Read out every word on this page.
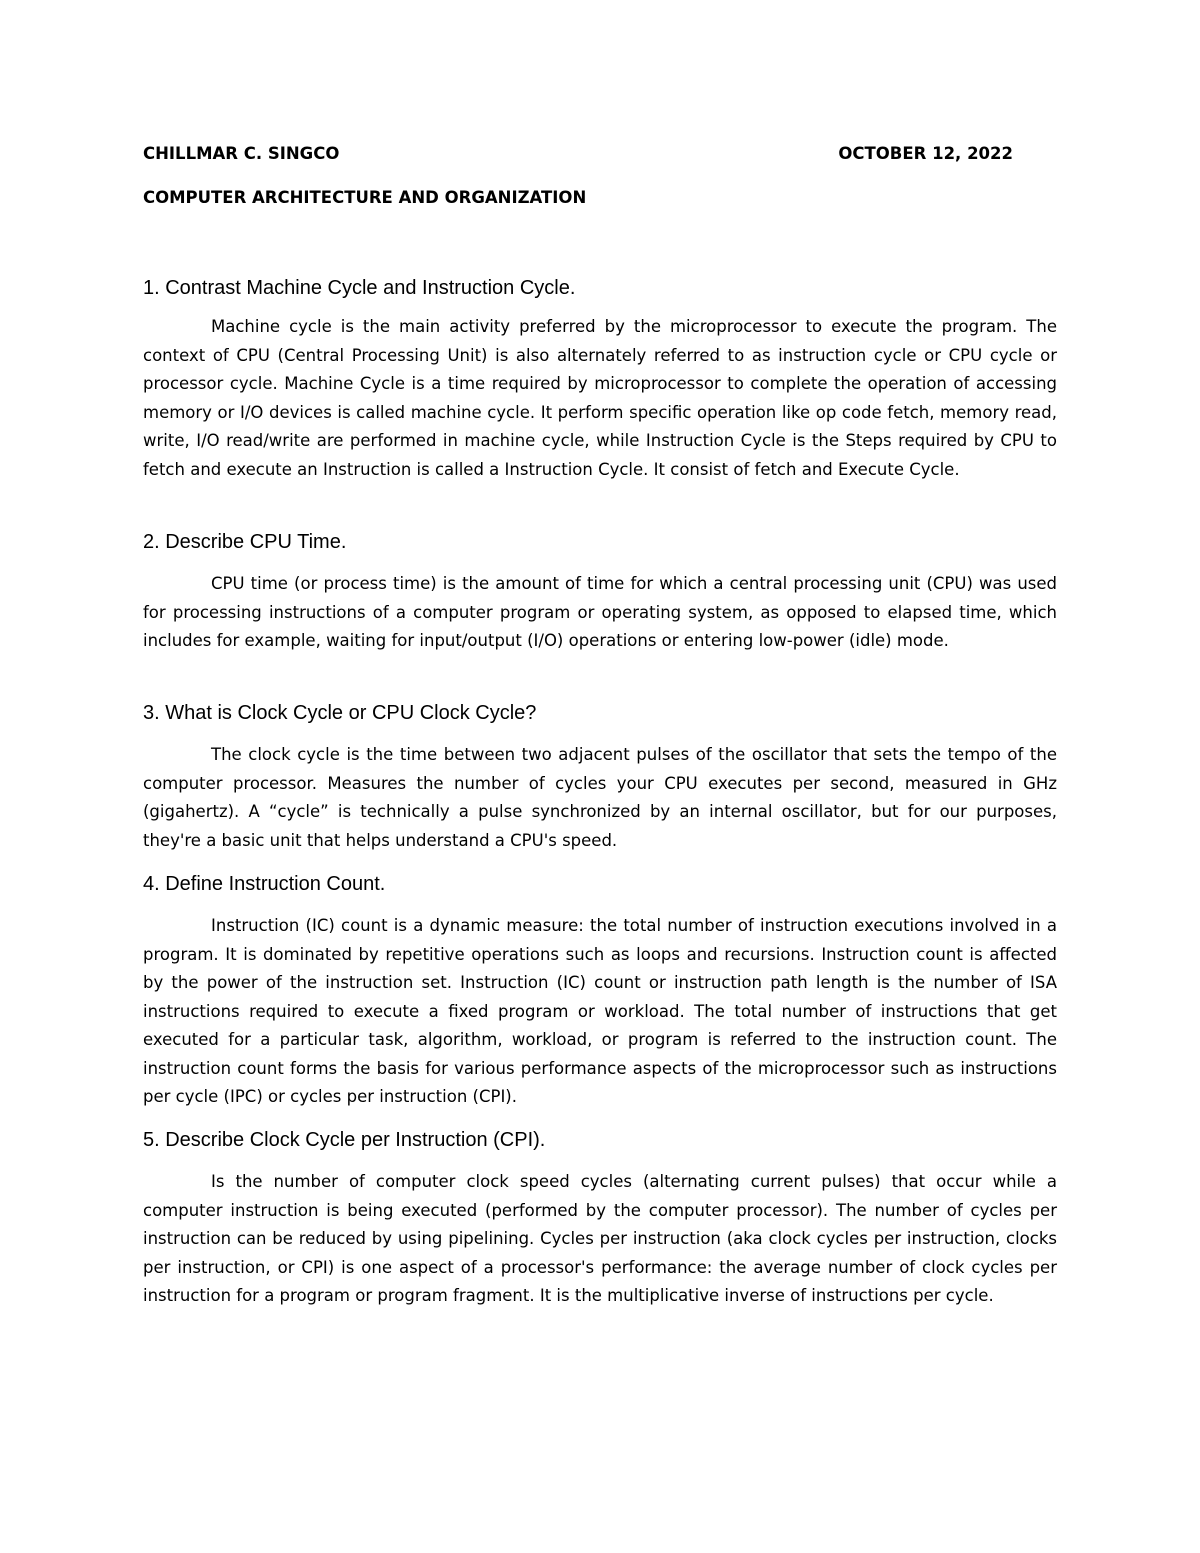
CHILLMAR C. SINGCO	OCTOBER 12, 2022
COMPUTER ARCHITECTURE AND ORGANIZATION
1. Contrast Machine Cycle and Instruction Cycle.

Machine cycle is the main activity preferred by the microprocessor to execute the program. The context of CPU (Central Processing Unit) is also alternately referred to as instruction cycle or CPU cycle or processor cycle. Machine Cycle is a time required by microprocessor to complete the operation of accessing memory or I/O devices is called machine cycle. It perform specific operation like op code fetch, memory read, write, I/O read/write are performed in machine cycle, while Instruction Cycle is the Steps required by CPU to fetch and execute an Instruction is called a Instruction Cycle. It consist of fetch and Execute Cycle.

2. Describe CPU Time.

CPU time (or process time) is the amount of time for which a central processing unit (CPU) was used for processing instructions of a computer program or operating system, as opposed to elapsed time, which includes for example, waiting for input/output (I/O) operations or entering low-power (idle) mode.

3. What is Clock Cycle or CPU Clock Cycle?

The clock cycle is the time between two adjacent pulses of the oscillator that sets the tempo of the computer processor. Measures the number of cycles your CPU executes per second, measured in GHz (gigahertz). A “cycle” is technically a pulse synchronized by an internal oscillator, but for our purposes, they're a basic unit that helps understand a CPU's speed.

4. Define Instruction Count.

Instruction (IC) count is a dynamic measure: the total number of instruction executions involved in a program. It is dominated by repetitive operations such as loops and recursions. Instruction count is affected by the power of the instruction set. Instruction (IC) count or instruction path length is the number of ISA instructions required to execute a fixed program or workload. The total number of instructions that get executed for a particular task, algorithm, workload, or program is referred to the instruction count. The instruction count forms the basis for various performance aspects of the microprocessor such as instructions per cycle (IPC) or cycles per instruction (CPI).

5. Describe Clock Cycle per Instruction (CPI).

Is the number of computer clock speed cycles (alternating current pulses) that occur while a computer instruction is being executed (performed by the computer processor). The number of cycles per instruction can be reduced by using pipelining. Cycles per instruction (aka clock cycles per instruction, clocks per instruction, or CPI) is one aspect of a processor's performance: the average number of clock cycles per instruction for a program or program fragment. It is the multiplicative inverse of instructions per cycle.
